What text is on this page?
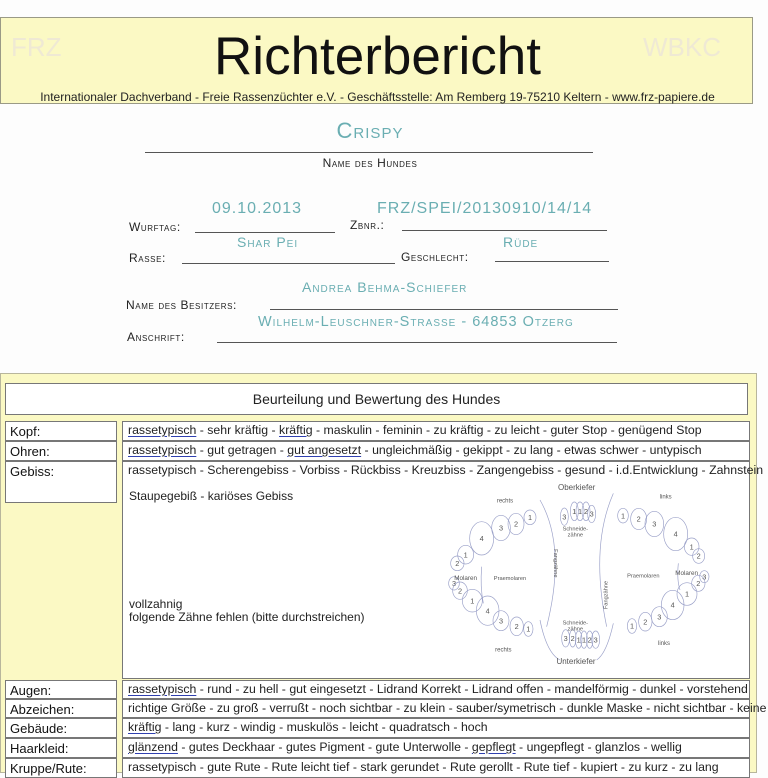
FRZ	WBKC
Richterbericht
Internationaler Dachverband - Freie Rassenzüchter e.V. - Geschäftsstelle: Am Remberg 19-75210 Keltern - www.frz-papiere.de
Crispy
Name des Hundes
09.10.2013
Wurftag:
FRZ/SPEI/20130910/14/14
Zbnr.:
Shar Pei
Rasse:
Rüde
Geschlecht:
Andrea Behma-Schiefer
Name des Besitzers:
Wilhelm-Leuschner-Strasse - 64853 Otzerg
Anschrift:
Beurteilung und Bewertung des Hundes
Kopf:	rassetypisch - sehr kräftig - kräftig - maskulin - feminin - zu kräftig - zu leicht - guter Stop - genügend Stop
Ohren:	rassetypisch - gut getragen - gut angesetzt - ungleichmäßig - gekippt - zu lang - etwas schwer - untypisch
Gebiss:	rassetypisch - Scherengebiss - Vorbiss - Rückbiss - Kreuzbiss - Zangengebiss - gesund - i.d.Entwicklung - Zahnstein
Staupegebiß - kariöses Gebiss
vollzahnig
folgende Zähne fehlen (bitte durchstreichen)
Augen:	rassetypisch - rund - zu hell - gut eingesetzt - Lidrand Korrekt - Lidrand offen - mandelförmig - dunkel - vorstehend
Abzeichen:	richtige Größe - zu groß - verrußt - noch sichtbar - zu klein - sauber/symetrisch - dunkle Maske - nicht sichtbar - keine
Gebäude:	kräftig - lang - kurz - windig - muskulös - leicht - quadratsch - hoch
Haarkleid:	glänzend - gutes Deckhaar - gutes Pigment - gute Unterwolle - gepflegt - ungepflegt - glanzlos - wellig
Kruppe/Rute:	rassetypisch - gute Rute - Rute leicht tief - stark gerundet - Rute gerollt - Rute tief - kupiert - zu kurz - zu lang
1
2
3
4
1
2
3
2
1
4
3
2 1
3
1 1 2 3
3 2 1 1 2 3
1 2
3
4
1
2
3
2
1
4
3
2
1
Oberkiefer
Unterkiefer
rechts
rechts
links
links
Schneide-
zähne
Schneide-
zähne
Fangzähne
Fangzähne
Praemolaren	Praemolaren
Molaren
Molaren
